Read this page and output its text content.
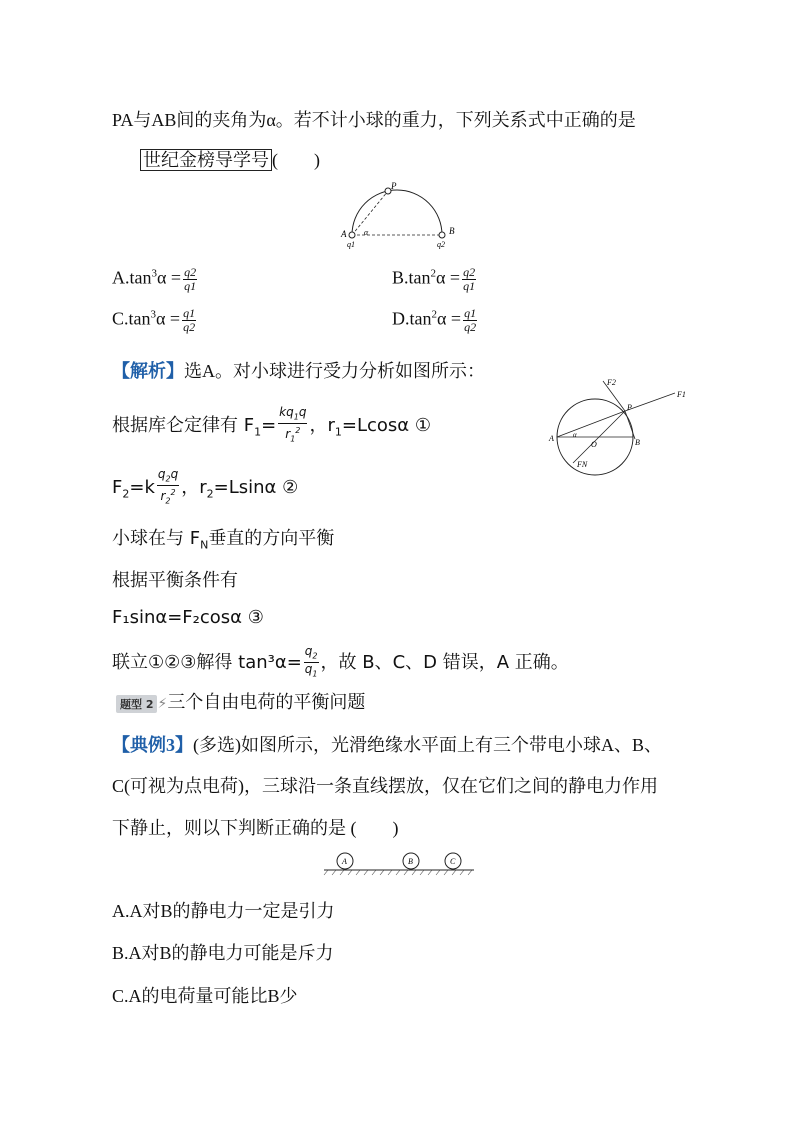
PA与AB间的夹角为α。若不计小球的重力，下列关系式中正确的是
世纪金榜导学号 (　　)
P
A	B
q1	q2
α
$A.\tan^3\alpha = \frac{q2}{q1}$	$B.\tan^2\alpha = \frac{q2}{q1}$
$C.\tan^3\alpha = \frac{q1}{q2}$	$D.\tan^2\alpha = \frac{q1}{q2}$
【解析】选A。对小球进行受力分析如图所示：
根据库仑定律有 $F_1= \frac{kq_1q}{r_1^2}$ ，$r_1=Lcos\alpha$ ①
$F_2=k \frac{q_2q}{r_2^2}$ ，$r_2=Lsin\alpha$ ②
小球在与 $F_N$垂直的方向平衡
根据平衡条件有
F₁sinα=F₂cosα ③
联立①②③解得 $\tan^3\alpha= \frac{q_2}{q_1}$ ，故 B、C、D 错误，A 正确。
F1
F2
FN
P
A	B
O
α
题型 2 ⚡三个自由电荷的平衡问题
【典例3】(多选)如图所示，光滑绝缘水平面上有三个带电小球A、B、
C(可视为点电荷)，三球沿一条直线摆放，仅在它们之间的静电力作用
下静止，则以下判断正确的是 (　　)
A	B	C
A.A对B的静电力一定是引力
B.A对B的静电力可能是斥力
C.A的电荷量可能比B少
